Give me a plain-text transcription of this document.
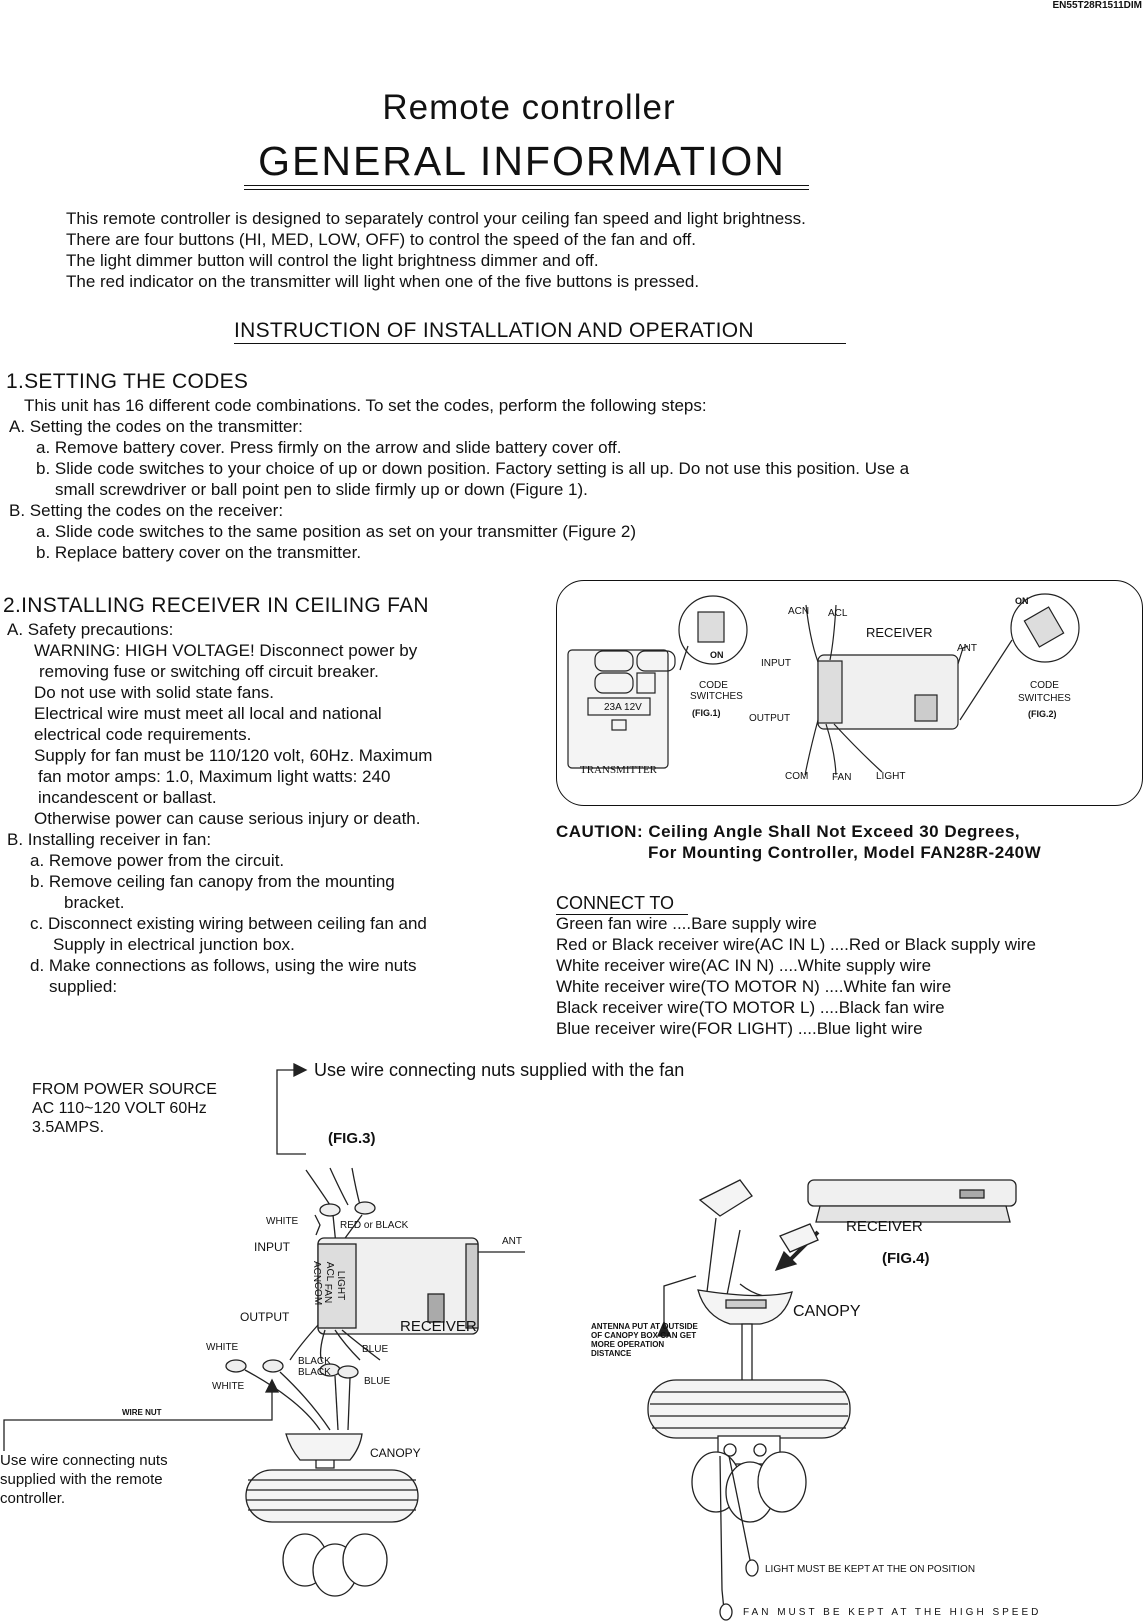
EN55T28R1511DIM
Remote controller
GENERAL INFORMATION
This remote controller is designed to separately control your ceiling fan speed and light brightness.
There are four buttons (HI, MED, LOW, OFF) to control the speed of the fan and off.
The light dimmer button will control the light brightness dimmer and off.
The red indicator on the transmitter will light when one of the five buttons is pressed.
INSTRUCTION OF INSTALLATION AND OPERATION
1.SETTING THE CODES
This unit has 16 different code combinations. To set the codes, perform the following steps:
A. Setting the codes on the transmitter:
a. Remove battery cover. Press firmly on the arrow and slide battery cover off.
b. Slide code switches to your choice of up or down position. Factory setting is all up. Do not use this position. Use a
small screwdriver or ball point pen to slide firmly up or down (Figure 1).
B. Setting the codes on the receiver:
a. Slide code switches to the same position as set on your transmitter (Figure 2)
b. Replace battery cover on the transmitter.
2.INSTALLING RECEIVER IN CEILING FAN
A. Safety precautions:
WARNING: HIGH VOLTAGE! Disconnect power by
removing fuse or switching off circuit breaker.
Do not use with solid state fans.
Electrical wire must meet all local and national
electrical code requirements.
Supply for fan must be 110/120 volt, 60Hz. Maximum
fan motor amps: 1.0, Maximum light watts: 240
incandescent or ballast.
Otherwise power can cause serious injury or death.
B. Installing receiver in fan:
a. Remove power from the circuit.
b. Remove ceiling fan canopy from the mounting
bracket.
c. Disconnect existing wiring between ceiling fan and
Supply in electrical junction box.
d. Make connections as follows, using the wire nuts
supplied:
TRANSMITTER
23A 12V
ON
CODE
SWITCHES
(FIG.1)
ACN ACL
RECEIVER
ANT
INPUT
OUTPUT
COM FAN LIGHT
ON
CODE
SWITCHES
(FIG.2)
CAUTION: Ceiling Angle Shall Not Exceed 30 Degrees,
For Mounting Controller, Model FAN28R-240W
CONNECT TO
Green fan wire ....Bare supply wire
Red or Black receiver wire(AC IN L) ....Red or Black supply wire
White receiver wire(AC IN N) ....White supply wire
White receiver wire(TO MOTOR N) ....White fan wire
Black receiver wire(TO MOTOR L) ....Black fan wire
Blue receiver wire(FOR LIGHT) ....Blue light wire
Use wire connecting nuts supplied with the fan
FROM POWER SOURCE
AC 110~120 VOLT 60Hz
3.5AMPS.
(FIG.3)
WHITE	RED or BLACK
INPUT	ANT
OUTPUT
RECEIVER
ACN ACL
COM FAN LIGHT
WHITE
WHITE
BLACK
BLACK
BLUE
BLUE
WIRE NUT
CANOPY
Use wire connecting nuts
supplied with the remote
controller.
RECEIVER
(FIG.4)
CANOPY
ANTENNA PUT AT OUTSIDE
OF CANOPY BOX CAN GET
MORE OPERATION
DISTANCE
LIGHT MUST BE KEPT AT THE ON POSITION
FAN MUST BE KEPT AT THE HIGH SPEED
